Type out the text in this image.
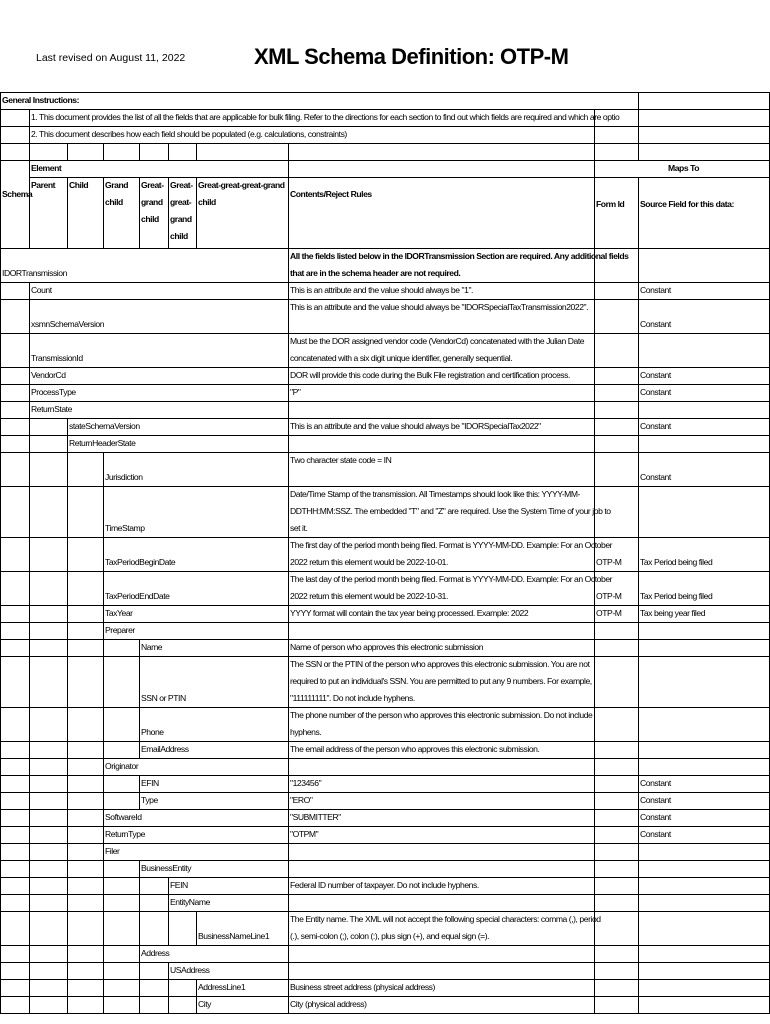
Last revised on August 11, 2022	XML Schema Definition: OTP-M
General Instructions:
1. This document provides the list of all the fields that are applicable for bulk filing. Refer to the directions for each section to find out which fields are required and which are optio
2. This document describes how each field should be populated (e.g. calculations, constraints)
Element	Maps To
Parent Child Grand
child
Great-
grand
child
Great-
great-
grand
child
Great-great-great-grand
child
Schema	Contents/Reject Rules
Form Id Source Field for this data:
IDORTransmission
All the fields listed below in the IDORTransmission Section are required. Any additional fields
that are in the schema header are not required.
Count	This is an attribute and the value should always be "1".	Constant
xsmnSchemaVersion
This is an attribute and the value should always be "IDORSpecialTaxTransmission2022".
Constant
TransmissionId
Must be the DOR assigned vendor code (VendorCd) concatenated with the Julian Date
concatenated with a six digit unique identifier, generally sequential.
VendorCd	DOR will provide this code during the Bulk File registration and certification process.	Constant
ProcessType	"P"	Constant
ReturnState
stateSchemaVersion	This is an attribute and the value should always be "IDORSpecialTax2022"	Constant
ReturnHeaderState
Jurisdiction
Two character state code = IN
Constant
TimeStamp
Date/Time Stamp of the transmission. All Timestamps should look like this: YYYY-MM-
DDTHH:MM:SSZ. The embedded "T" and "Z" are required. Use the System Time of your job to
set it.
TaxPeriodBeginDate
The first day of the period month being filed. Format is YYYY-MM-DD. Example: For an October
2022 return this element would be 2022-10-01.	OTP-M Tax Period being filed
TaxPeriodEndDate
The last day of the period month being filed. Format is YYYY-MM-DD. Example: For an October
2022 return this element would be 2022-10-31.	OTP-M Tax Period being filed
TaxYear	YYYY format will contain the tax year being processed. Example: 2022	OTP-M Tax being year filed
Preparer
Name	Name of person who approves this electronic submission
SSN or PTIN
The SSN or the PTIN of the person who approves this electronic submission. You are not
required to put an individual's SSN. You are permitted to put any 9 numbers. For example,
"111111111". Do not include hyphens.
Phone
The phone number of the person who approves this electronic submission. Do not include
hyphens.
EmailAddress	The email address of the person who approves this electronic submission.
Originator
EFIN	"123456"	Constant
Type	"ERO"	Constant
SoftwareId	"SUBMITTER"	Constant
ReturnType	"OTPM"	Constant
Filer
BusinessEntity
FEIN	Federal ID number of taxpayer. Do not include hyphens.
EntityName
BusinessNameLine1
The Entity name. The XML will not accept the following special characters: comma (,), period
(.), semi-colon (;), colon (:), plus sign (+), and equal sign (=).
Address
USAddress
AddressLine1	Business street address (physical address)
City	City (physical address)
